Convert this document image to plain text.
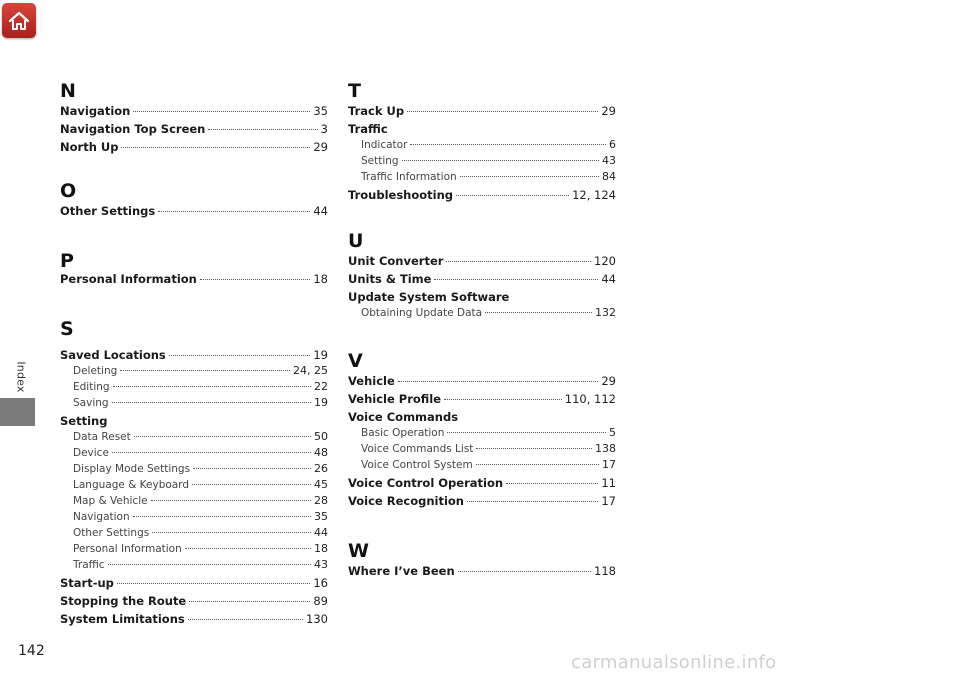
Index
N
Navigation	35
Navigation Top Screen	3
North Up	29
O
Other Settings	44
P
Personal Information	18
S
Saved Locations	19
Deleting	24, 25
Editing	22
Saving	19
Setting
Data Reset	50
Device	48
Display Mode Settings	26
Language & Keyboard	45
Map & Vehicle	28
Navigation	35
Other Settings	44
Personal Information	18
Traffic	43
Start-up	16
Stopping the Route	89
System Limitations	130
T
Track Up	29
Traffic
Indicator	6
Setting	43
Traffic Information	84
Troubleshooting	12, 124
U
Unit Converter	120
Units & Time	44
Update System Software
Obtaining Update Data	132
V
Vehicle	29
Vehicle Profile	110, 112
Voice Commands
Basic Operation	5
Voice Commands List	138
Voice Control System	17
Voice Control Operation	11
Voice Recognition	17
W
Where I’ve Been	118
142
carmanualsonline.info
